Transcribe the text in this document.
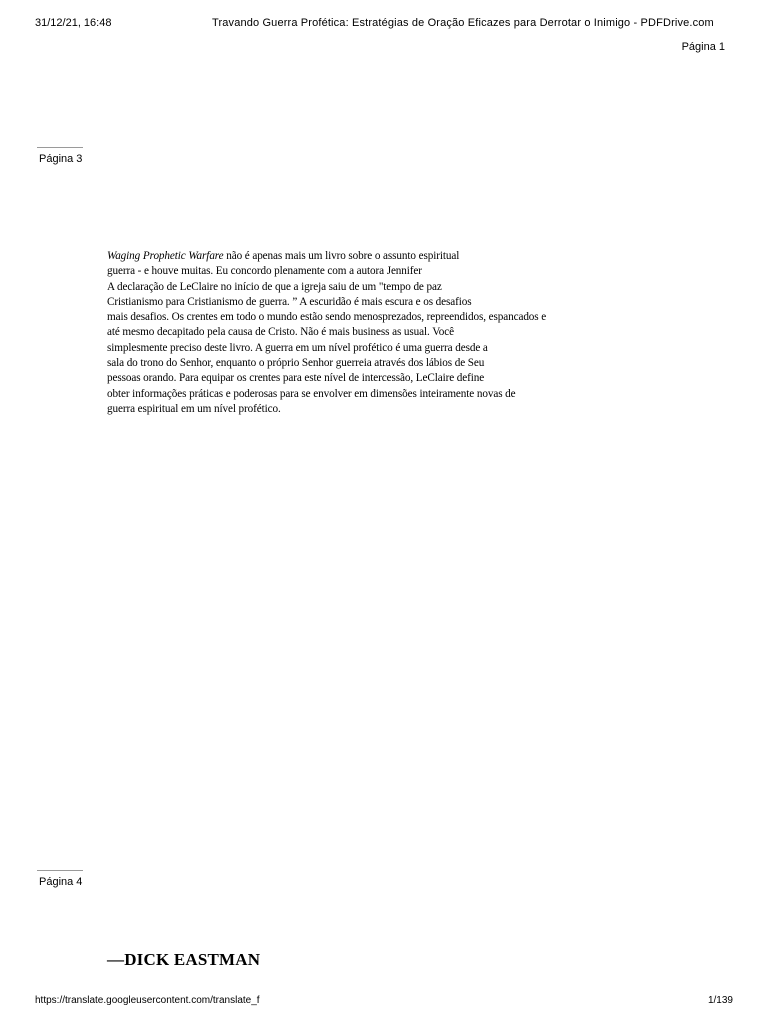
31/12/21, 16:48	Travando Guerra Profética: Estratégias de Oração Eficazes para Derrotar o Inimigo - PDFDrive.com
Página 1
Página 3
Waging Prophetic Warfare não é apenas mais um livro sobre o assunto espiritual
guerra - e houve muitas. Eu concordo plenamente com a autora Jennifer
A declaração de LeClaire no início de que a igreja saiu de um "tempo de paz
Cristianismo para Cristianismo de guerra. ” A escuridão é mais escura e os desafios
mais desafios. Os crentes em todo o mundo estão sendo menosprezados, repreendidos, espancados e
até mesmo decapitado pela causa de Cristo. Não é mais business as usual. Você
simplesmente preciso deste livro. A guerra em um nível profético é uma guerra desde a
sala do trono do Senhor, enquanto o próprio Senhor guerreia através dos lábios de Seu
pessoas orando. Para equipar os crentes para este nível de intercessão, LeClaire define
obter informações práticas e poderosas para se envolver em dimensões inteiramente novas de
guerra espiritual em um nível profético.
Página 4
—DICK EASTMAN
https://translate.googleusercontent.com/translate_f	1/139
